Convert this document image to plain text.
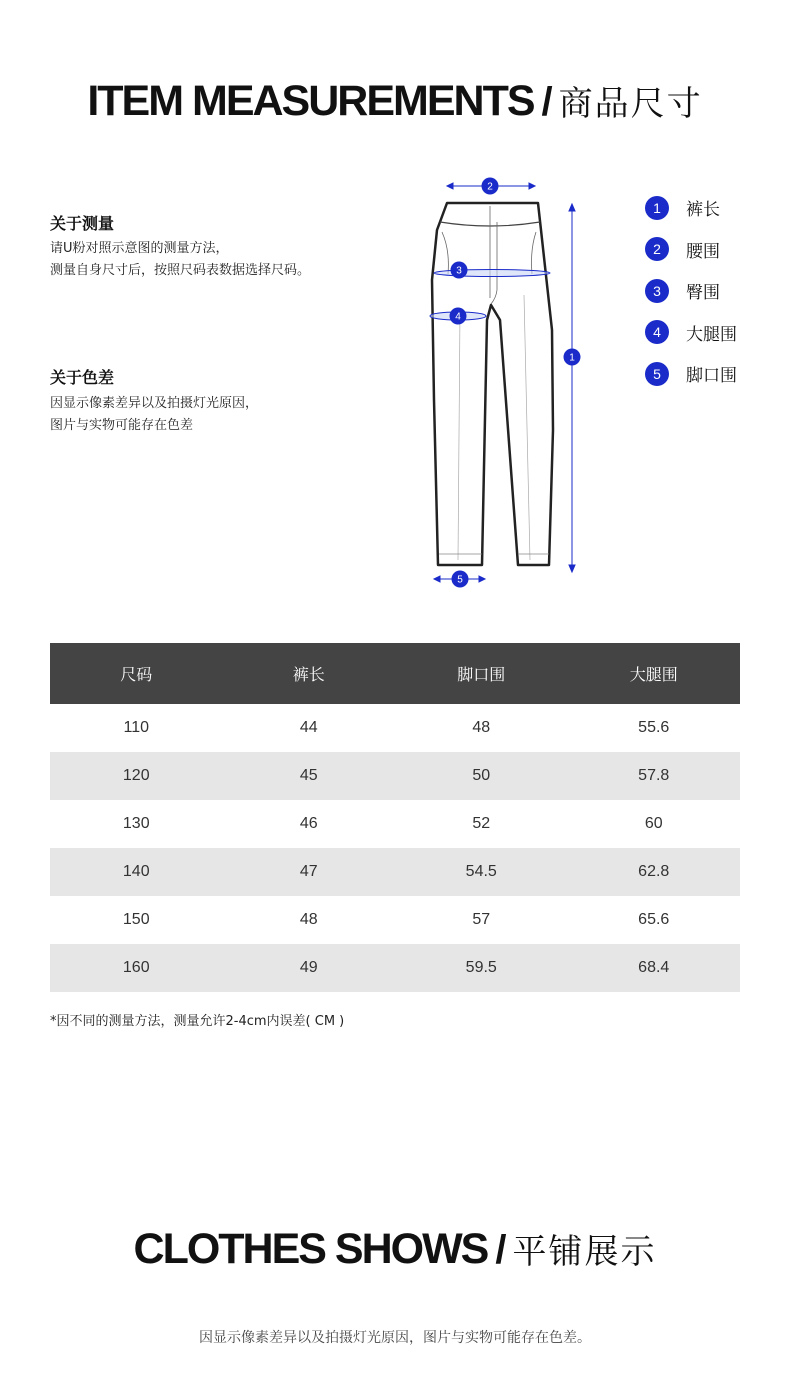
ITEM MEASUREMENTS / 商品尺寸
关于测量
请U粉对照示意图的测量方法，
测量自身尺寸后，按照尺码表数据选择尺码。
关于色差
因显示像素差异以及拍摄灯光原因，
图片与实物可能存在色差
2
3
4
1
5
1	裤长
2	腰围
3	臀围
4	大腿围
5	脚口围
尺码	裤长	脚口围	大腿围
110	44	48	55.6
120	45	50	57.8
130	46	52	60
140	47	54.5	62.8
150	48	57	65.6
160	49	59.5	68.4
*因不同的测量方法，测量允许2-4cm内误差( CM )
CLOTHES SHOWS / 平铺展示
因显示像素差异以及拍摄灯光原因，图片与实物可能存在色差。
